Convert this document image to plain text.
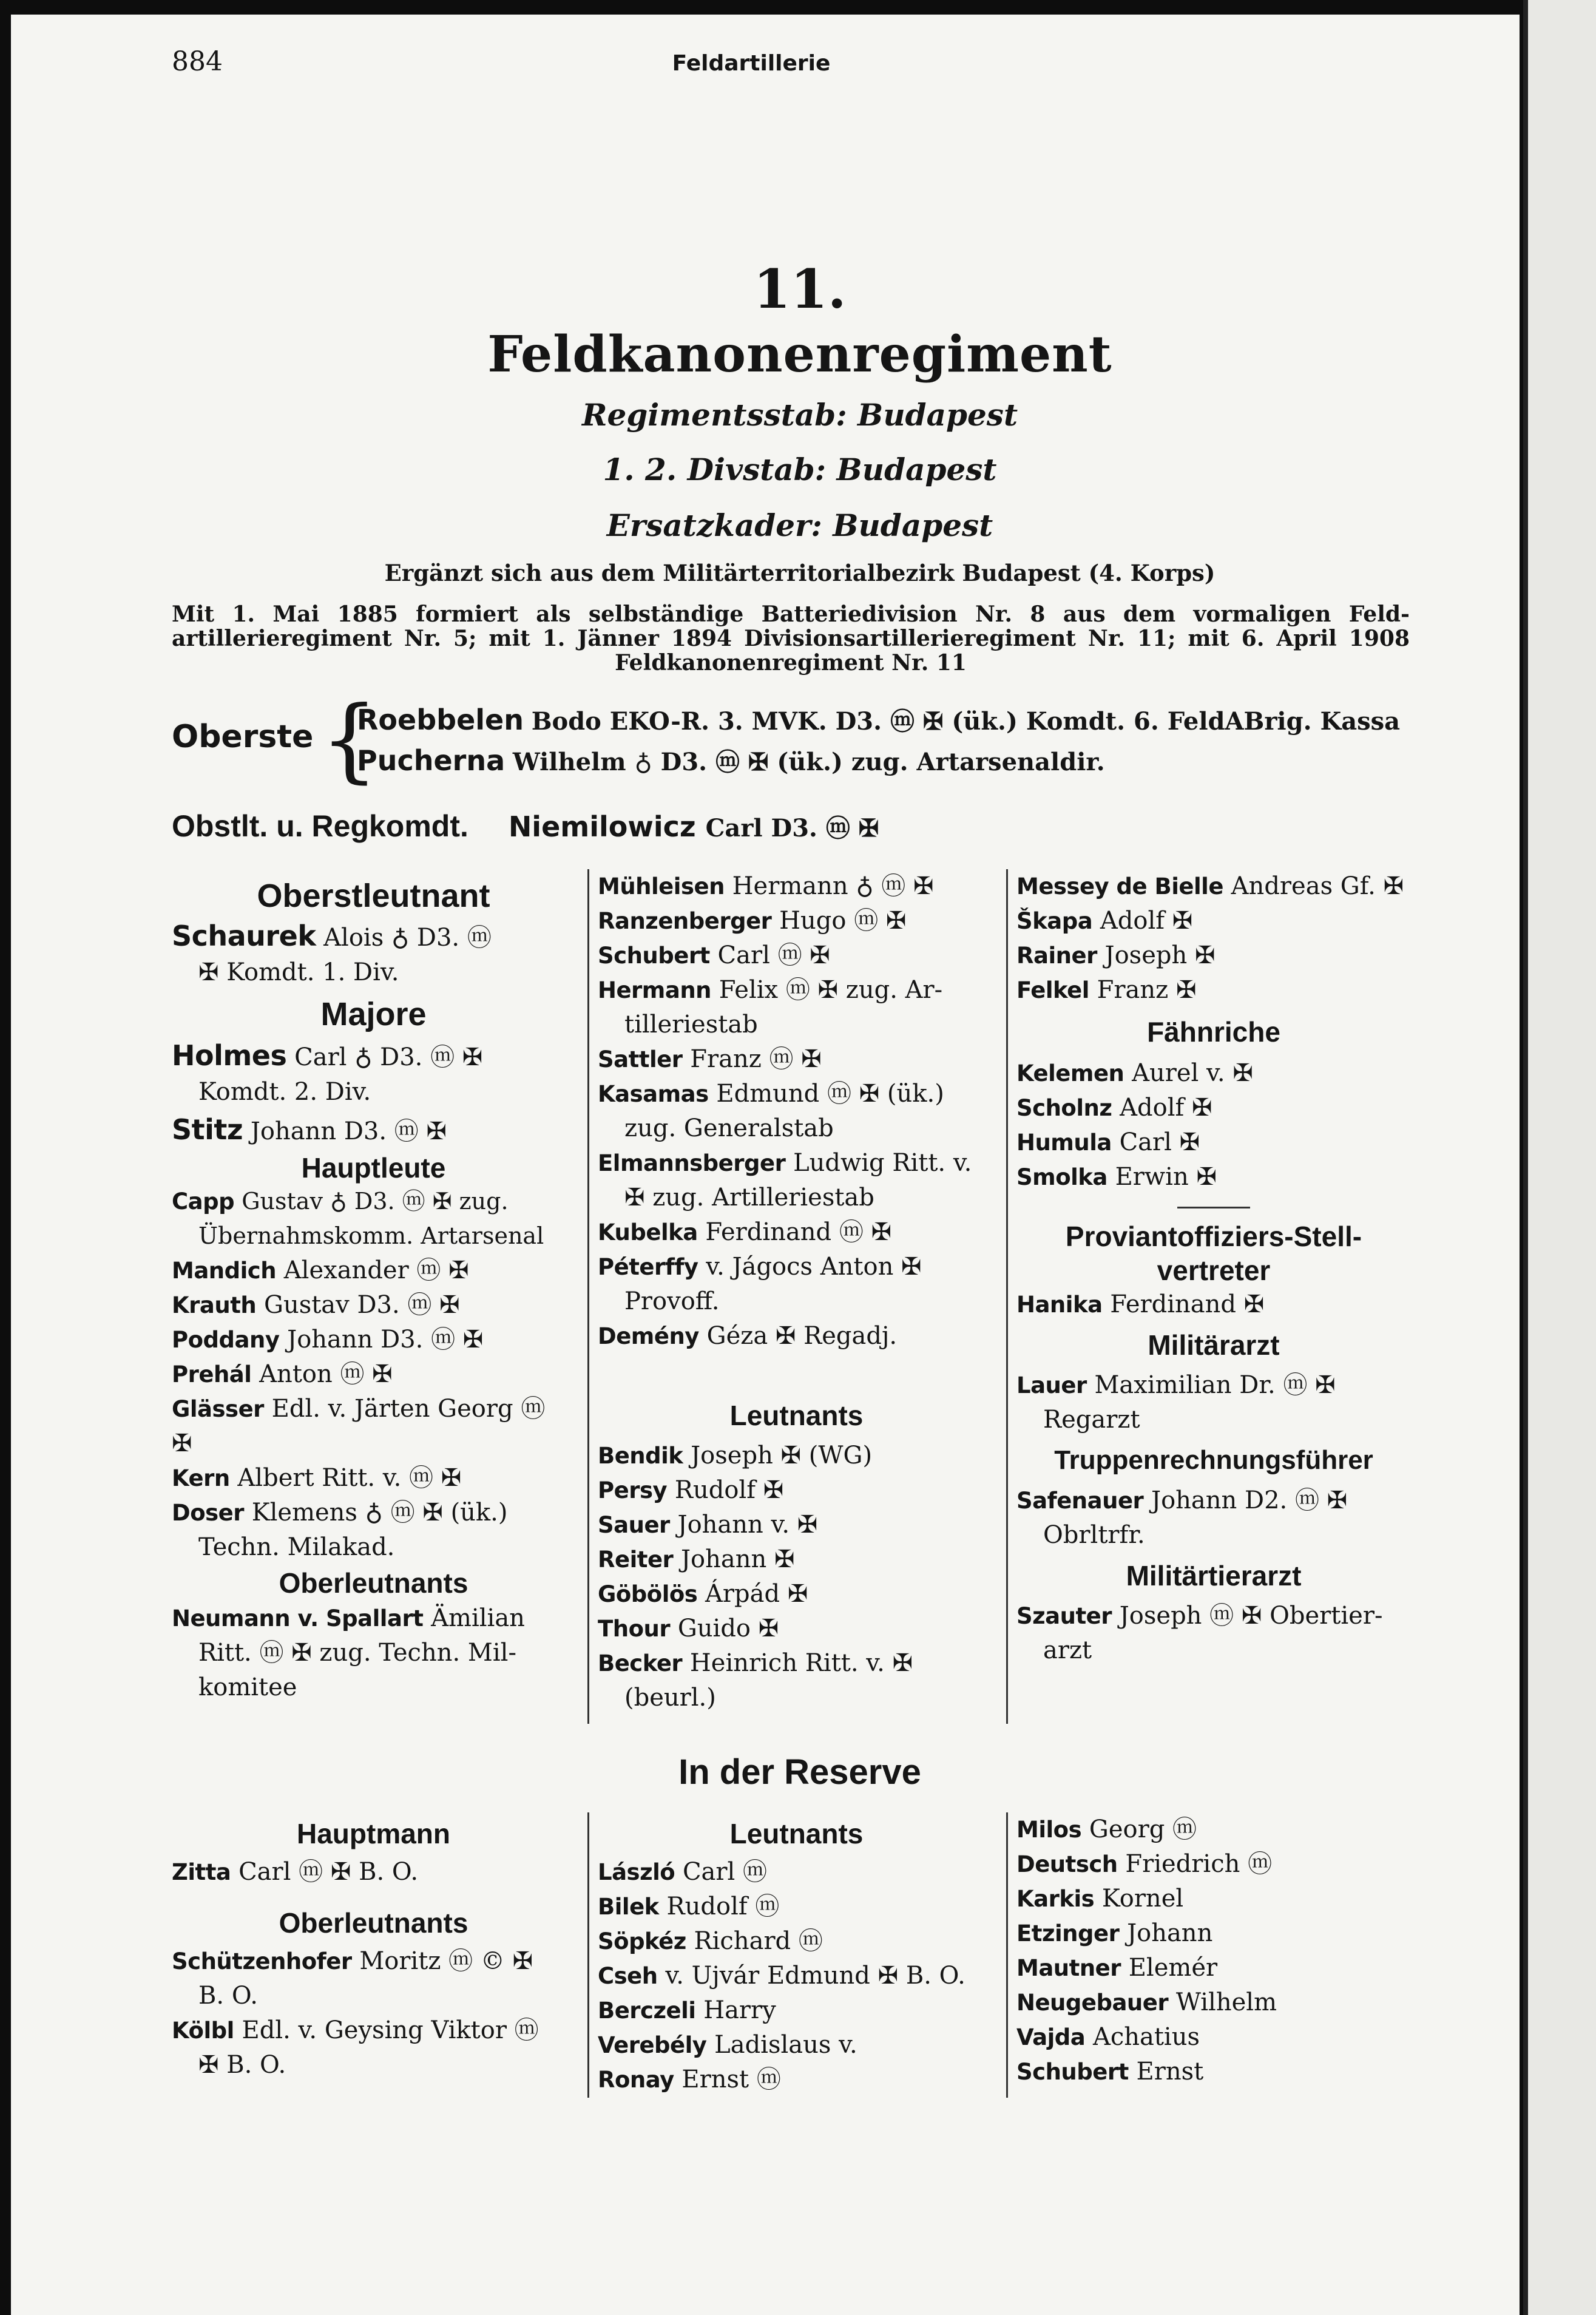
884	Feldartillerie
11.
Feldkanonenregiment
Regimentsstab: Budapest
1. 2. Divstab: Budapest
Ersatzkader: Budapest
Ergänzt sich aus dem Militärterritorialbezirk Budapest (4. Korps)
Mit 1. Mai 1885 formiert als selbständige Batteriedivision Nr. 8 aus dem vormaligen Feld-
artillerieregiment Nr. 5; mit 1. Jänner 1894 Divisionsartillerieregiment Nr. 11; mit 6. April 1908
Feldkanonenregiment Nr. 11
Oberste {
Roebbelen Bodo EKO-R. 3. MVK. D3. ⓜ ✠ (ük.) Komdt. 6. FeldABrig. Kassa
Pucherna Wilhelm ♁ D3. ⓜ ✠ (ük.) zug. Artarsenaldir.
Obstlt. u. Regkomdt. Niemilowicz Carl D3. ⓜ ✠

Oberstleutnant

Schaurek Alois ♁ D3. ⓜ

✠ Komdt. 1. Div.

Majore

Holmes Carl ♁ D3. ⓜ ✠

Komdt. 2. Div.

Stitz Johann D3. ⓜ ✠

Hauptleute

Capp Gustav ♁ D3. ⓜ ✠ zug.

Übernahmskomm. Artarsenal

Mandich Alexander ⓜ ✠

Krauth Gustav D3. ⓜ ✠

Poddany Johann D3. ⓜ ✠

Prehál Anton ⓜ ✠

Glässer Edl. v. Järten Georg ⓜ

✠

Kern Albert Ritt. v. ⓜ ✠

Doser Klemens ♁ ⓜ ✠ (ük.)

Techn. Milakad.

Oberleutnants

Neumann v. Spallart Ämilian

Ritt. ⓜ ✠ zug. Techn. Mil-

komitee

Mühleisen Hermann ♁ ⓜ ✠

Ranzenberger Hugo ⓜ ✠

Schubert Carl ⓜ ✠

Hermann Felix ⓜ ✠ zug. Ar-

tilleriestab

Sattler Franz ⓜ ✠

Kasamas Edmund ⓜ ✠ (ük.)

zug. Generalstab

Elmannsberger Ludwig Ritt. v.

✠ zug. Artilleriestab

Kubelka Ferdinand ⓜ ✠

Péterffy v. Jágocs Anton ✠

Provoff.

Demény Géza ✠ Regadj.

Leutnants

Bendik Joseph ✠ (WG)

Persy Rudolf ✠

Sauer Johann v. ✠

Reiter Johann ✠

Göbölös Árpád ✠

Thour Guido ✠

Becker Heinrich Ritt. v. ✠

(beurl.)

Messey de Bielle Andreas Gf. ✠

Škapa Adolf ✠

Rainer Joseph ✠

Felkel Franz ✠

Fähnriche

Kelemen Aurel v. ✠

Scholnz Adolf ✠

Humula Carl ✠

Smolka Erwin ✠

Proviantoffiziers-Stell-

vertreter

Hanika Ferdinand ✠

Militärarzt

Lauer Maximilian Dr. ⓜ ✠

Regarzt

Truppenrechnungsführer

Safenauer Johann D2. ⓜ ✠

Obrltrfr.

Militärtierarzt

Szauter Joseph ⓜ ✠ Obertier-

arzt

In der Reserve

Hauptmann

Zitta Carl ⓜ ✠ B. O.

Oberleutnants

Schützenhofer Moritz ⓜ © ✠

B. O.

Kölbl Edl. v. Geysing Viktor ⓜ

✠ B. O.

Leutnants

László Carl ⓜ

Bilek Rudolf ⓜ

Söpkéz Richard ⓜ

Cseh v. Ujvár Edmund ✠ B. O.

Berczeli Harry

Verebély Ladislaus v.

Ronay Ernst ⓜ

Milos Georg ⓜ

Deutsch Friedrich ⓜ

Karkis Kornel

Etzinger Johann

Mautner Elemér

Neugebauer Wilhelm

Vajda Achatius

Schubert Ernst
